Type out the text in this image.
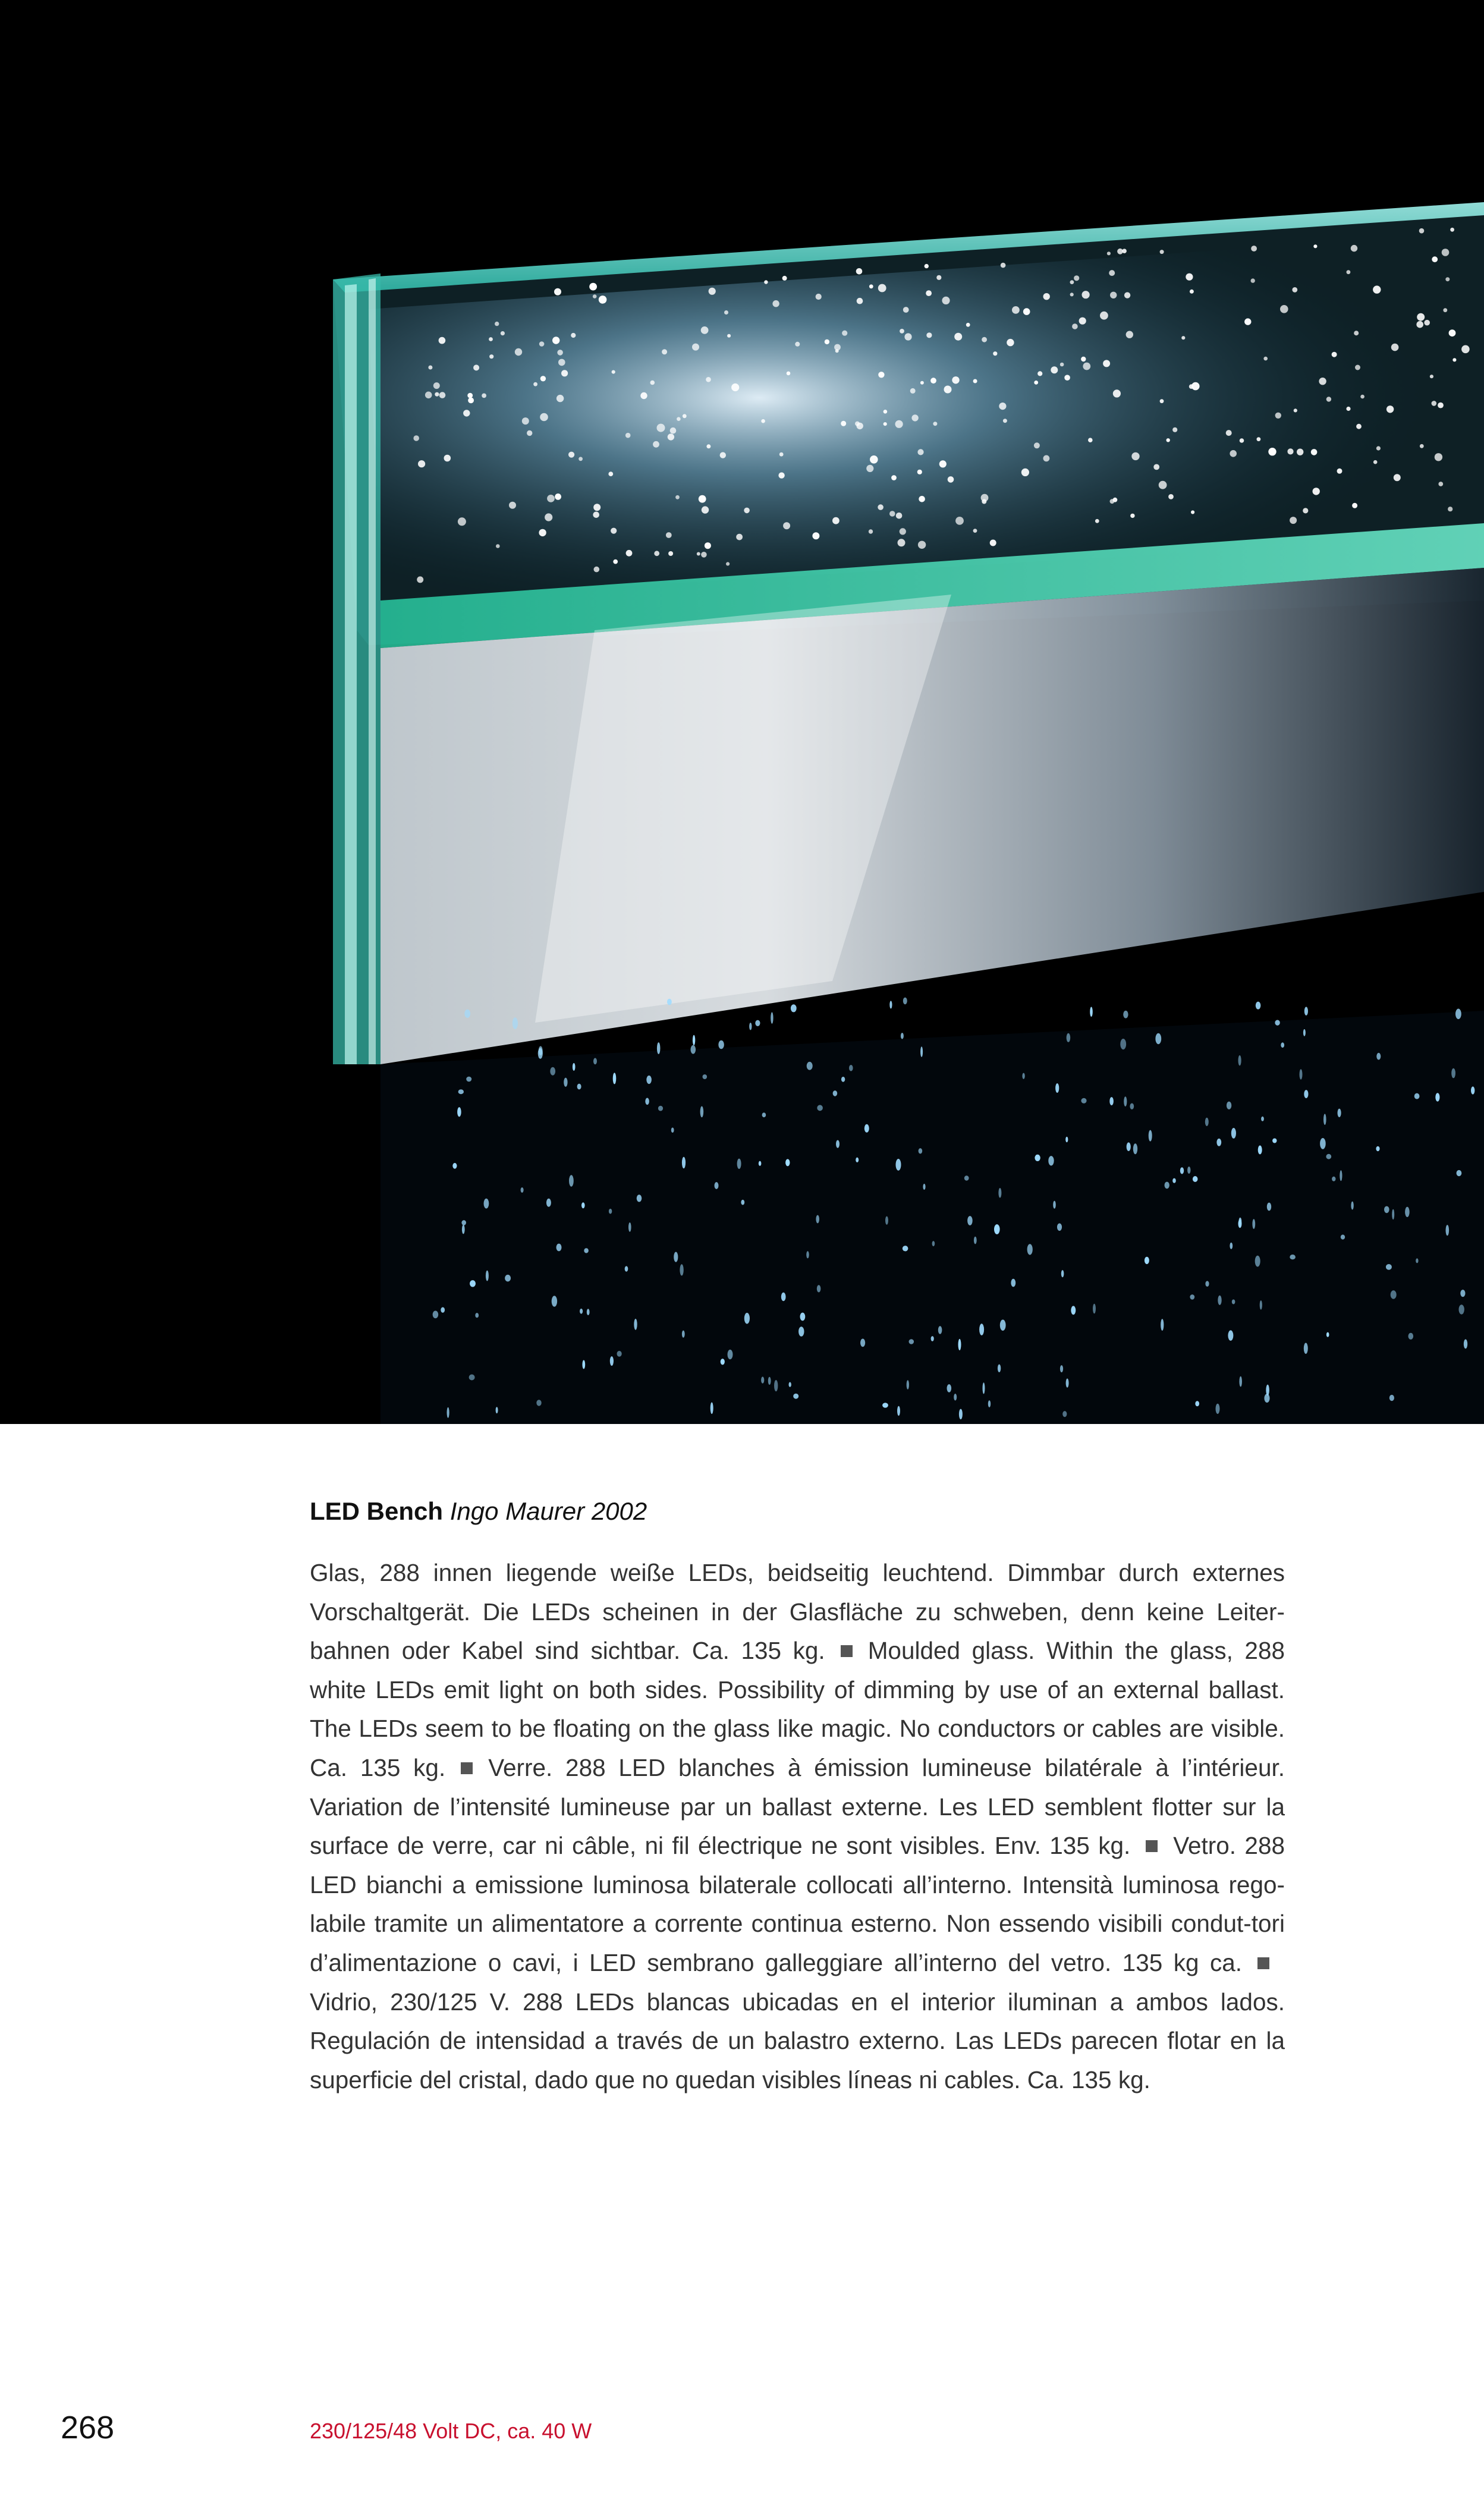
LED Bench Ingo Maurer 2002

Glas, 288 innen liegende weiße LEDs, beidseitig leuchtend. Dimmbar durch externes Vorschaltgerät. Die LEDs scheinen in der Glasfläche zu schweben, denn keine Leiter-bahnen oder Kabel sind sichtbar. Ca. 135 kg. Moulded glass. Within the glass, 288 white LEDs emit light on both sides. Possibility of dimming by use of an external ballast. The LEDs seem to be floating on the glass like magic. No conductors or cables are visible. Ca. 135 kg. Verre. 288 LED blanches à émission lumineuse bilatérale à l’intérieur. Variation de l’intensité lumineuse par un ballast externe. Les LED semblent flotter sur la surface de verre, car ni câble, ni fil électrique ne sont visibles. Env. 135 kg. Vetro. 288 LED bianchi a emissione luminosa bilaterale collocati all’interno. Intensità luminosa rego-labile tramite un alimentatore a corrente continua esterno. Non essendo visibili condut-tori d’alimentazione o cavi, i LED sembrano galleggiare all’interno del vetro. 135 kg ca.Vidrio, 230/125 V. 288 LEDs blancas ubicadas en el interior iluminan a ambos lados. Regulación de intensidad a través de un balastro externo. Las LEDs parecen flotar en la superficie del cristal, dado que no quedan visibles líneas ni cables. Ca. 135 kg.

268	230/125/48 Volt DC, ca. 40 W
